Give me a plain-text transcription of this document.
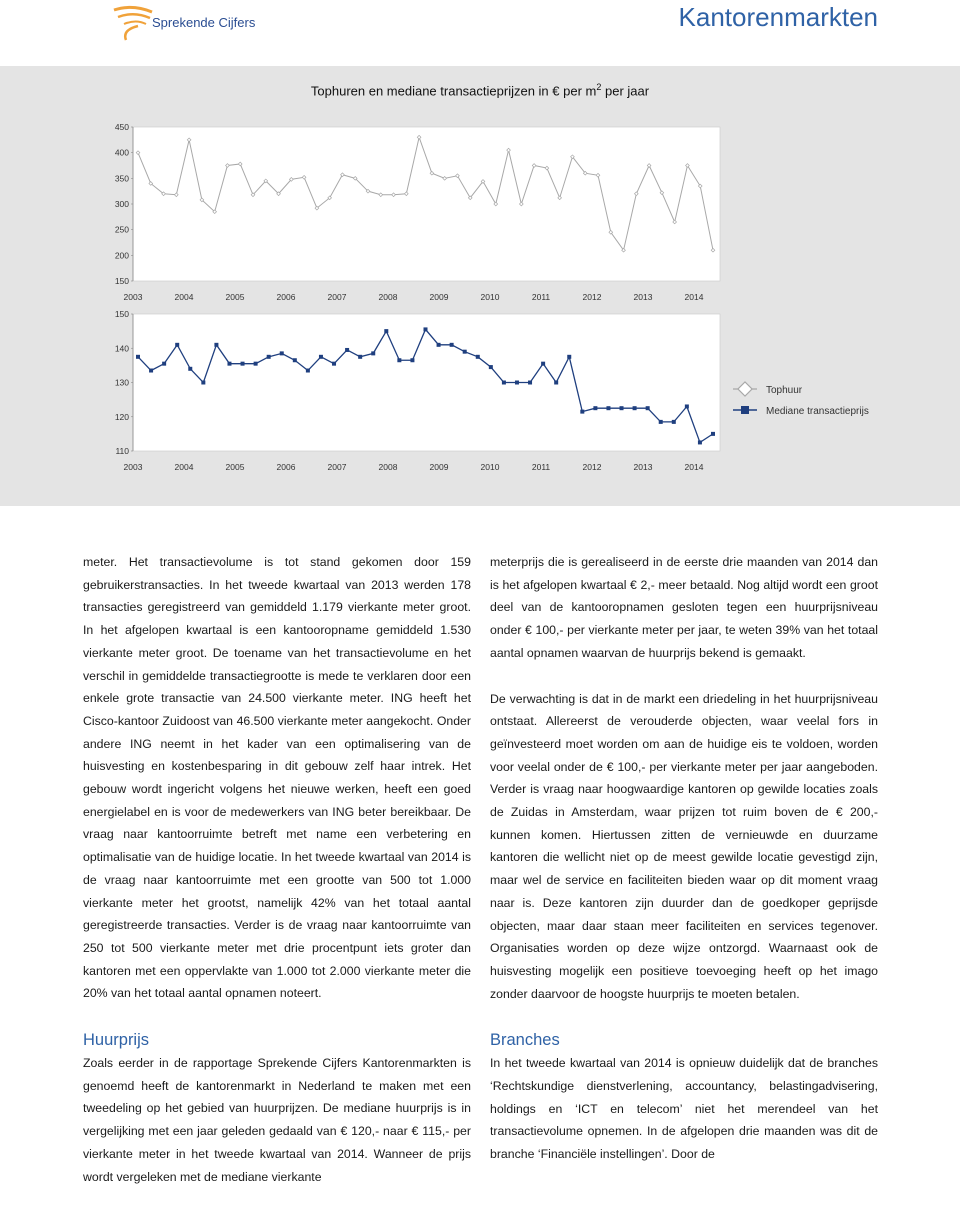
Sprekende Cijfers	Kantorenmarkten
Tophuren en mediane transactieprijzen in € per $m^2$ per jaar
450
400
350
300
250
200
150
2003	2004	2005	2006	2007	2008	2009	2010	2011	2012	2013	2014
150
140
130
120
110
2003	2004	2005	2006	2007	2008	2009	2010	2011	2012	2013	2014
Tophuur
Mediane transactieprijs

meter. Het transactievolume is tot stand gekomen door 159 gebruikerstransacties. In het tweede kwartaal van 2013 werden 178 transacties geregistreerd van gemiddeld 1.179 vierkante meter groot. In het afgelopen kwartaal is een kantooropname gemiddeld 1.530 vierkante meter groot. De toename van het transactievolume en het verschil in gemiddelde transactiegrootte is mede te verklaren door een enkele grote transactie van 24.500 vierkante meter. ING heeft het Cisco-kantoor Zuidoost van 46.500 vierkante meter aangekocht. Onder andere ING neemt in het kader van een optimalisering van de huisvesting en kostenbesparing in dit gebouw zelf haar intrek. Het gebouw wordt ingericht volgens het nieuwe werken, heeft een goed energielabel en is voor de medewerkers van ING beter bereikbaar. De vraag naar kantoorruimte betreft met name een verbetering en optimalisatie van de huidige locatie. In het tweede kwartaal van 2014 is de vraag naar kantoorruimte met een grootte van 500 tot 1.000 vierkante meter het grootst, namelijk 42% van het totaal aantal geregistreerde transacties. Verder is de vraag naar kantoorruimte van 250 tot 500 vierkante meter met drie procentpunt iets groter dan kantoren met een oppervlakte van 1.000 tot 2.000 vierkante meter die 20% van het totaal aantal opnamen noteert.

Huurprijs

Zoals eerder in de rapportage Sprekende Cijfers Kantorenmarkten is genoemd heeft de kantorenmarkt in Nederland te maken met een tweedeling op het gebied van huurprijzen. De mediane huurprijs is in vergelijking met een jaar geleden gedaald van € 120,- naar € 115,- per vierkante meter in het tweede kwartaal van 2014. Wanneer de prijs wordt vergeleken met de mediane vierkante

meterprijs die is gerealiseerd in de eerste drie maanden van 2014 dan is het afgelopen kwartaal € 2,- meer betaald. Nog altijd wordt een groot deel van de kantooropnamen gesloten tegen een huurprijsniveau onder € 100,- per vierkante meter per jaar, te weten 39% van het totaal aantal opnamen waarvan de huurprijs bekend is gemaakt.

De verwachting is dat in de markt een driedeling in het huurprijsniveau ontstaat. Allereerst de verouderde objecten, waar veelal fors in geïnvesteerd moet worden om aan de huidige eis te voldoen, worden voor veelal onder de € 100,- per vierkante meter per jaar aangeboden. Verder is vraag naar hoogwaardige kantoren op gewilde locaties zoals de Zuidas in Amsterdam, waar prijzen tot ruim boven de € 200,- kunnen komen. Hiertussen zitten de vernieuwde en duurzame kantoren die wellicht niet op de meest gewilde locatie gevestigd zijn, maar wel de service en faciliteiten bieden waar op dit moment vraag naar is. Deze kantoren zijn duurder dan de goedkoper geprijsde objecten, maar daar staan meer faciliteiten en services tegenover. Organisaties worden op deze wijze ontzorgd. Waarnaast ook de huisvesting mogelijk een positieve toevoeging heeft op het imago zonder daarvoor de hoogste huurprijs te moeten betalen.

Branches

In het tweede kwartaal van 2014 is opnieuw duidelijk dat de branches ‘Rechtskundige dienstverlening, accountancy, belastingadvisering, holdings en ‘ICT en telecom’ niet het merendeel van het transactievolume opnemen. In de afgelopen drie maanden was dit de branche ‘Financiële instellingen’. Door de
